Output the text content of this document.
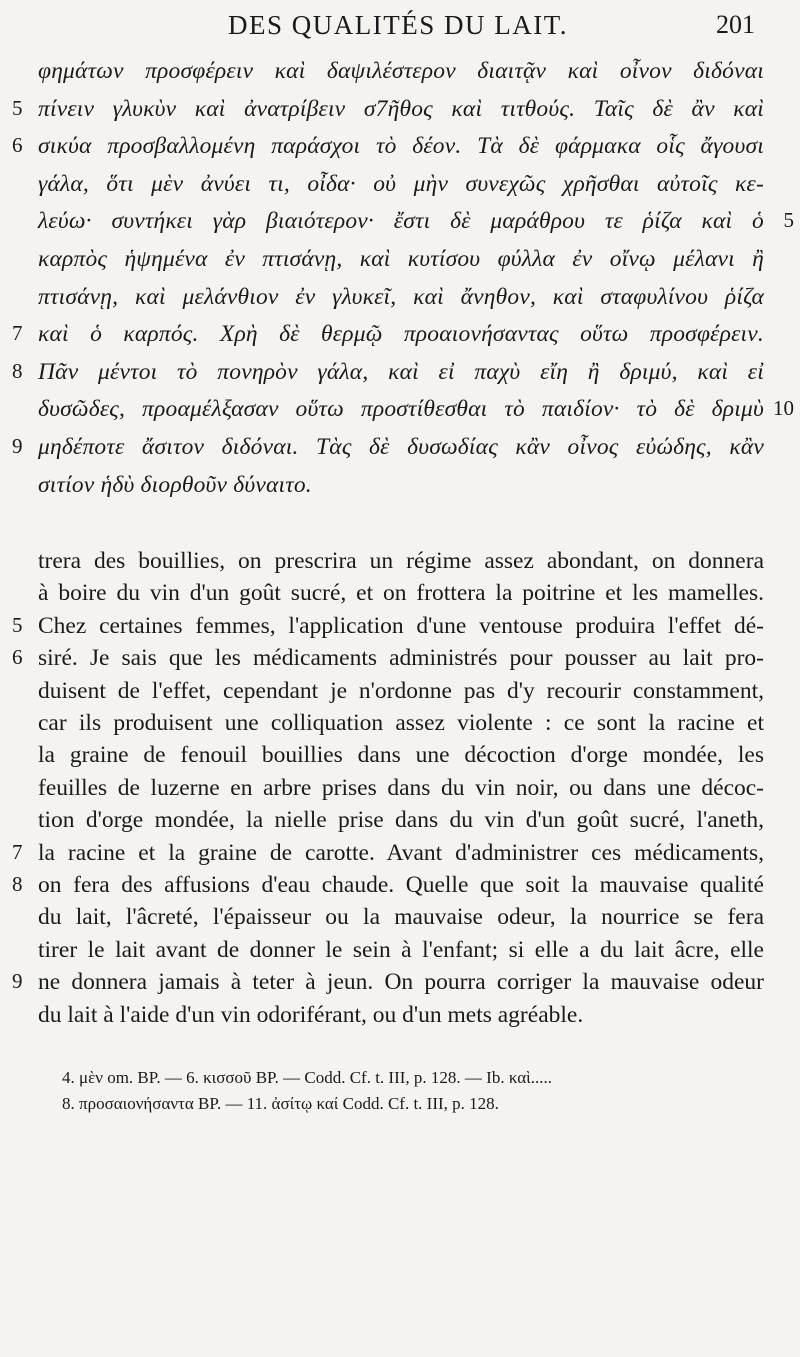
DES QUALITÉS DU LAIT.	201
φημάτων προσφέρειν καὶ δαψιλέστερον διαιτᾷν καὶ οἶνον διδόναι
πίνειν γλυκὺν καὶ ἀνατρίβειν σ7ῆθος καὶ τιτθούς. Ταῖς δὲ ἂν καὶ
5
σικύα προσβαλλομένη παράσχοι τὸ δέον. Τὰ δὲ φάρμακα οἷς ἄγουσι
6
γάλα, ὅτι μὲν ἀνύει τι, οἶδα· οὐ μὴν συνεχῶς χρῆσθαι αὐτοῖς κε-
λεύω· συντήκει γὰρ βιαιότερον· ἔστι δὲ μαράθρου τε ῥίζα καὶ ὁ 5
καρπὸς ἡψημένα ἐν πτισάνῃ, καὶ κυτίσου φύλλα ἐν οἴνῳ μέλανι ἢ
πτισάνῃ, καὶ μελάνθιον ἐν γλυκεῖ, καὶ ἄνηθον, καὶ σταφυλίνου ῥίζα
καὶ ὁ καρπός. Χρὴ δὲ θερμῷ προαιονήσαντας οὕτω προσφέρειν.
7
Πᾶν μέντοι τὸ πονηρὸν γάλα, καὶ εἰ παχὺ εἴη ἢ δριμύ, καὶ εἰ
8
δυσῶδες, προαμέλξασαν οὕτω προστίθεσθαι τὸ παιδίον· τὸ δὲ δριμὺ 10
μηδέποτε ἄσιτον διδόναι. Τὰς δὲ δυσωδίας κἂν οἶνος εὐώδης, κἂν
9
σιτίον ἡδὺ διορθοῦν δύναιτο.
trera des bouillies, on prescrira un régime assez abondant, on donnera
à boire du vin d'un goût sucré, et on frottera la poitrine et les mamelles.
Chez certaines femmes, l'application d'une ventouse produira l'effet dé-
5
siré. Je sais que les médicaments administrés pour pousser au lait pro-
6
duisent de l'effet, cependant je n'ordonne pas d'y recourir constamment,
car ils produisent une colliquation assez violente : ce sont la racine et
la graine de fenouil bouillies dans une décoction d'orge mondée, les
feuilles de luzerne en arbre prises dans du vin noir, ou dans une décoc-
tion d'orge mondée, la nielle prise dans du vin d'un goût sucré, l'aneth,
la racine et la graine de carotte. Avant d'administrer ces médicaments,
7
on fera des affusions d'eau chaude. Quelle que soit la mauvaise qualité
8
du lait, l'âcreté, l'épaisseur ou la mauvaise odeur, la nourrice se fera
tirer le lait avant de donner le sein à l'enfant; si elle a du lait âcre, elle
ne donnera jamais à teter à jeun. On pourra corriger la mauvaise odeur
9
du lait à l'aide d'un vin odoriférant, ou d'un mets agréable.
4. μὲν om. BP. — 6. κισσοῦ BP. — Codd. Cf. t. III, p. 128. — Ib. καὶ.....
8. προσαιονήσαντα BP. — 11. ἀσίτῳ καί Codd. Cf. t. III, p. 128.
